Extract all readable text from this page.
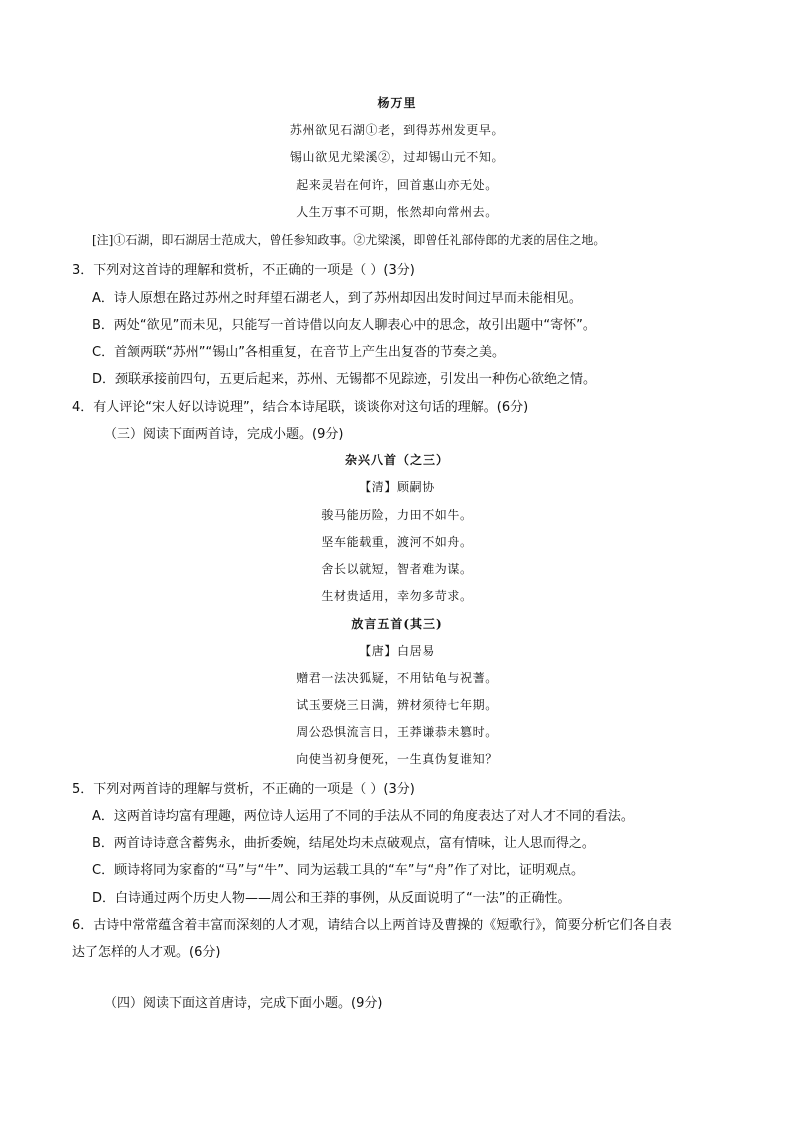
杨万里
苏州欲见石湖①老，到得苏州发更早。
锡山欲见尤梁溪②，过却锡山元不知。
起来灵岩在何许，回首惠山亦无处。
人生万事不可期，怅然却向常州去。
[注]①石湖，即石湖居士范成大，曾任参知政事。②尤梁溪，即曾任礼部侍郎的尤袤的居住之地。
3．下列对这首诗的理解和赏析，不正确的一项是（ ）(3分)
A．诗人原想在路过苏州之时拜望石湖老人，到了苏州却因出发时间过早而未能相见。
B．两处“欲见”而未见，只能写一首诗借以向友人聊表心中的思念，故引出题中“寄怀”。
C．首颔两联“苏州”“锡山”各相重复，在音节上产生出复沓的节奏之美。
D．颈联承接前四句，五更后起来，苏州、无锡都不见踪迹，引发出一种伤心欲绝之情。
4．有人评论“宋人好以诗说理”，结合本诗尾联，谈谈你对这句话的理解。(6分)
（三）阅读下面两首诗，完成小题。(9分)
杂兴八首（之三）
【清】顾嗣协
骏马能历险，力田不如牛。
坚车能载重，渡河不如舟。
舍长以就短，智者难为谋。
生材贵适用，幸勿多苛求。
放言五首(其三)
【唐】白居易
赠君一法决狐疑，不用钻龟与祝蓍。
试玉要烧三日满，辨材须待七年期。
周公恐惧流言日，王莽谦恭未篡时。
向使当初身便死，一生真伪复谁知？
5．下列对两首诗的理解与赏析，不正确的一项是（ ）(3分)
A．这两首诗均富有理趣，两位诗人运用了不同的手法从不同的角度表达了对人才不同的看法。
B．两首诗诗意含蓄隽永，曲折委婉，结尾处均未点破观点，富有情味，让人思而得之。
C．顾诗将同为家畜的“马”与“牛”、同为运载工具的“车”与“舟”作了对比，证明观点。
D．白诗通过两个历史人物——周公和王莽的事例，从反面说明了“一法”的正确性。
6．古诗中常常蕴含着丰富而深刻的人才观，请结合以上两首诗及曹操的《短歌行》，简要分析它们各自表
达了怎样的人才观。(6分)
（四）阅读下面这首唐诗，完成下面小题。(9分)
